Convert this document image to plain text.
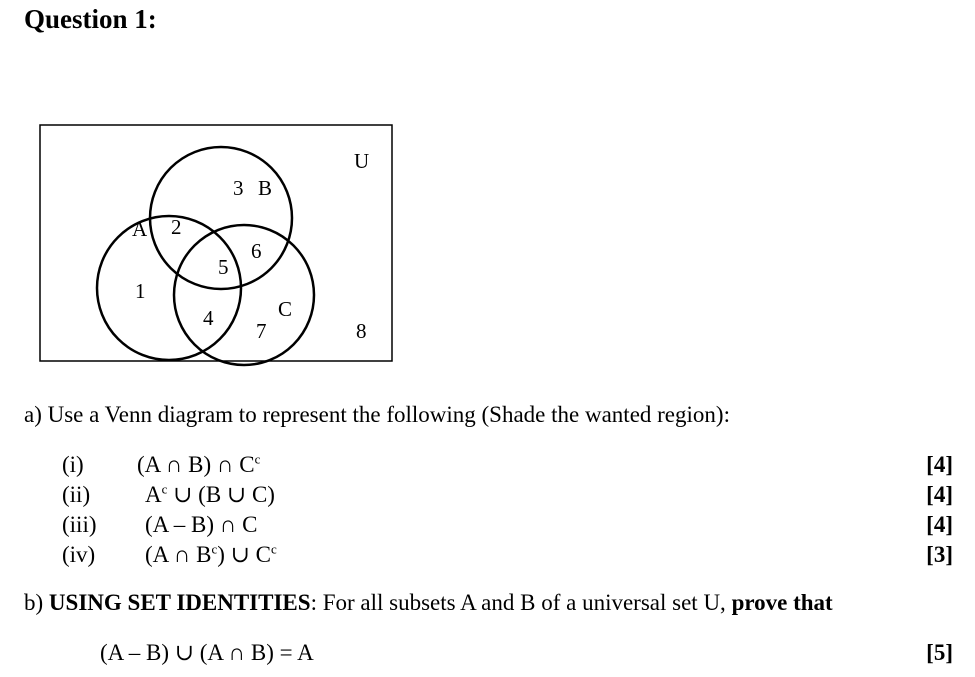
Question 1:
U
B
A
C
3
2
6
5
1
4
7	8
a) Use a Venn diagram to represent the following (Shade the wanted region):
(i) (A ∩ B) ∩ $C^c$	[4]
(ii) $A^c$ ∪ (B ∪ C)	[4]
(iii) (A – B) ∩ C	[4]
(iv) (A ∩ $B^c$) ∪ $C^c$	[3]
b) USING SET IDENTITIES: For all subsets A and B of a universal set U, prove that
(A – B) ∪ (A ∩ B) = A	[5]
